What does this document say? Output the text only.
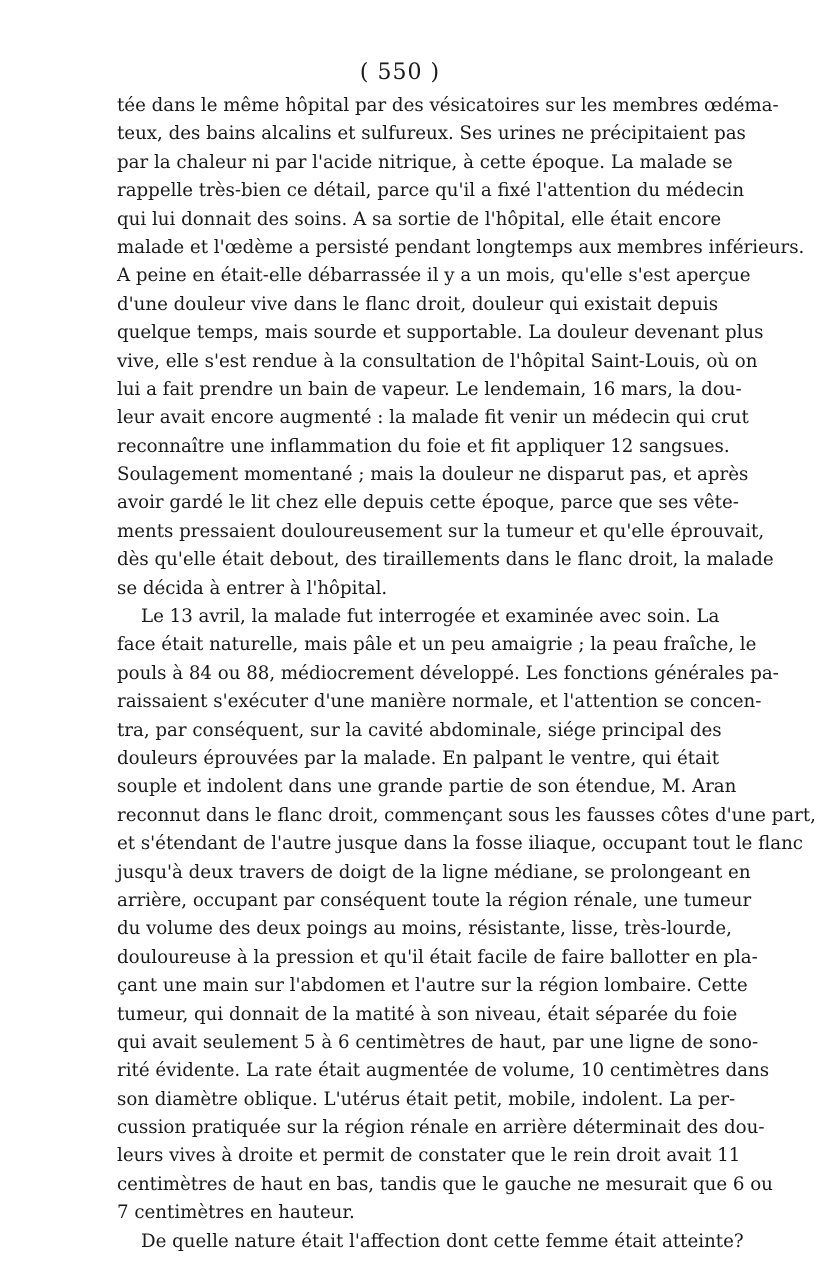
( 550 )
tée dans le même hôpital par des vésicatoires sur les membres œdéma-
teux, des bains alcalins et sulfureux. Ses urines ne précipitaient pas
par la chaleur ni par l'acide nitrique, à cette époque. La malade se
rappelle très-bien ce détail, parce qu'il a fixé l'attention du médecin
qui lui donnait des soins. A sa sortie de l'hôpital, elle était encore
malade et l'œdème a persisté pendant longtemps aux membres inférieurs.
A peine en était-elle débarrassée il y a un mois, qu'elle s'est aperçue
d'une douleur vive dans le flanc droit, douleur qui existait depuis
quelque temps, mais sourde et supportable. La douleur devenant plus
vive, elle s'est rendue à la consultation de l'hôpital Saint-Louis, où on
lui a fait prendre un bain de vapeur. Le lendemain, 16 mars, la dou-
leur avait encore augmenté : la malade fit venir un médecin qui crut
reconnaître une inflammation du foie et fit appliquer 12 sangsues.
Soulagement momentané ; mais la douleur ne disparut pas, et après
avoir gardé le lit chez elle depuis cette époque, parce que ses vête-
ments pressaient douloureusement sur la tumeur et qu'elle éprouvait,
dès qu'elle était debout, des tiraillements dans le flanc droit, la malade
se décida à entrer à l'hôpital.
Le 13 avril, la malade fut interrogée et examinée avec soin. La
face était naturelle, mais pâle et un peu amaigrie ; la peau fraîche, le
pouls à 84 ou 88, médiocrement développé. Les fonctions générales pa-
raissaient s'exécuter d'une manière normale, et l'attention se concen-
tra, par conséquent, sur la cavité abdominale, siége principal des
douleurs éprouvées par la malade. En palpant le ventre, qui était
souple et indolent dans une grande partie de son étendue, M. Aran
reconnut dans le flanc droit, commençant sous les fausses côtes d'une part,
et s'étendant de l'autre jusque dans la fosse iliaque, occupant tout le flanc
jusqu'à deux travers de doigt de la ligne médiane, se prolongeant en
arrière, occupant par conséquent toute la région rénale, une tumeur
du volume des deux poings au moins, résistante, lisse, très-lourde,
douloureuse à la pression et qu'il était facile de faire ballotter en pla-
çant une main sur l'abdomen et l'autre sur la région lombaire. Cette
tumeur, qui donnait de la matité à son niveau, était séparée du foie
qui avait seulement 5 à 6 centimètres de haut, par une ligne de sono-
rité évidente. La rate était augmentée de volume, 10 centimètres dans
son diamètre oblique. L'utérus était petit, mobile, indolent. La per-
cussion pratiquée sur la région rénale en arrière déterminait des dou-
leurs vives à droite et permit de constater que le rein droit avait 11
centimètres de haut en bas, tandis que le gauche ne mesurait que 6 ou
7 centimètres en hauteur.
De quelle nature était l'affection dont cette femme était atteinte?
